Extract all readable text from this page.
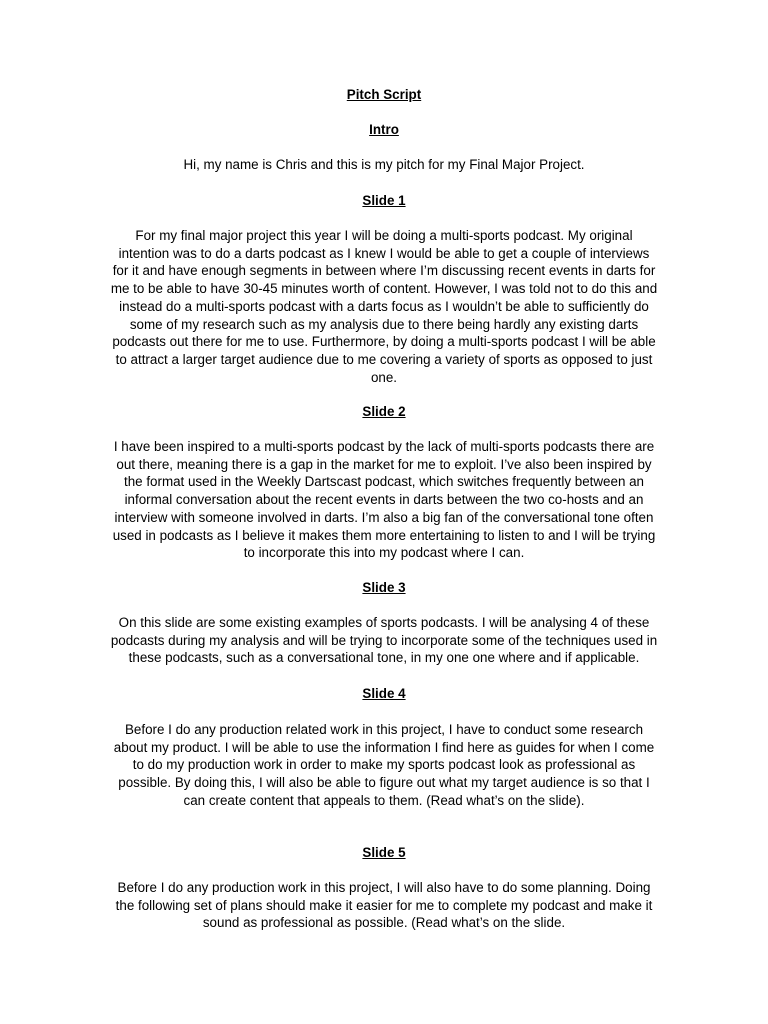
Pitch Script

Intro

Hi, my name is Chris and this is my pitch for my Final Major Project.

Slide 1

For my final major project this year I will be doing a multi-sports podcast. My original

intention was to do a darts podcast as I knew I would be able to get a couple of interviews

for it and have enough segments in between where I’m discussing recent events in darts for

me to be able to have 30-45 minutes worth of content. However, I was told not to do this and

instead do a multi-sports podcast with a darts focus as I wouldn’t be able to sufficiently do

some of my research such as my analysis due to there being hardly any existing darts

podcasts out there for me to use. Furthermore, by doing a multi-sports podcast I will be able

to attract a larger target audience due to me covering a variety of sports as opposed to just

one.

Slide 2

I have been inspired to a multi-sports podcast by the lack of multi-sports podcasts there are

out there, meaning there is a gap in the market for me to exploit. I’ve also been inspired by

the format used in the Weekly Dartscast podcast, which switches frequently between an

informal conversation about the recent events in darts between the two co-hosts and an

interview with someone involved in darts. I’m also a big fan of the conversational tone often

used in podcasts as I believe it makes them more entertaining to listen to and I will be trying

to incorporate this into my podcast where I can.

Slide 3

On this slide are some existing examples of sports podcasts. I will be analysing 4 of these

podcasts during my analysis and will be trying to incorporate some of the techniques used in

these podcasts, such as a conversational tone, in my one one where and if applicable.

Slide 4

Before I do any production related work in this project, I have to conduct some research

about my product. I will be able to use the information I find here as guides for when I come

to do my production work in order to make my sports podcast look as professional as

possible. By doing this, I will also be able to figure out what my target audience is so that I

can create content that appeals to them. (Read what’s on the slide).

Slide 5

Before I do any production work in this project, I will also have to do some planning. Doing

the following set of plans should make it easier for me to complete my podcast and make it

sound as professional as possible. (Read what’s on the slide.
